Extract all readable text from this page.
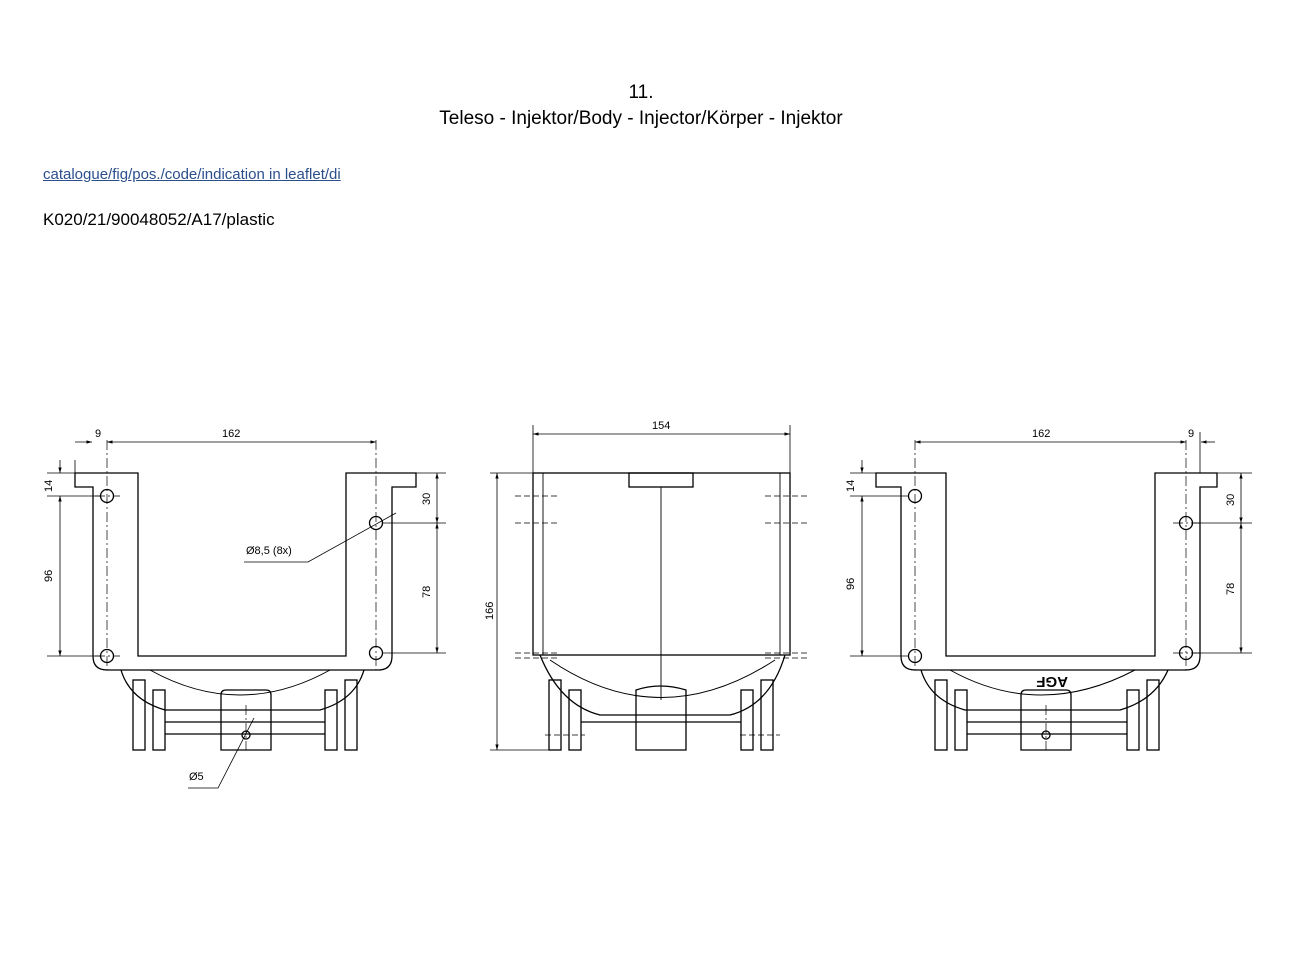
11.
Teleso - Injektor/Body - Injector/Körper - Injektor
catalogue/fig/pos./code/indication in leaflet/di
K020/21/90048052/A17/plastic
9	162
14
96
30
78
Ø8,5 (8x)
Ø5
154
166
162	9
14
96
30
78
AGF
